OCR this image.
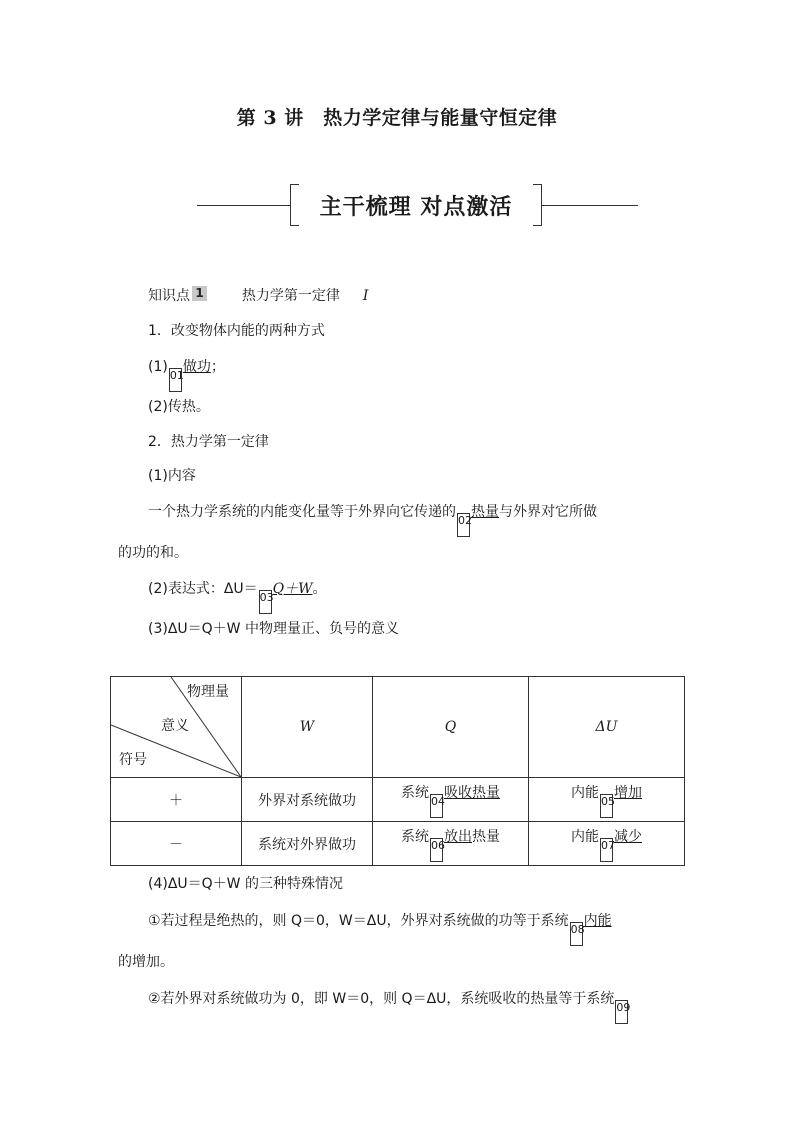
第 3 讲　热力学定律与能量守恒定律
主干梳理 对点激活
知识点 1	热力学第一定律 Ⅰ
1．改变物体内能的两种方式
(1)01做功；
(2)传热。
2．热力学第一定律
(1)内容
一个热力学系统的内能变化量等于外界向它传递的02热量与外界对它所做
的功的和。
(2)表达式：ΔU＝03Q＋W。
(3)ΔU＝Q＋W 中物理量正、负号的意义
物理量
意义
符号	W	Q	ΔU
＋	外界对系统做功	系统04吸收热量	内能05增加
－	系统对外界做功	系统06放出热量	内能07减少
(4)ΔU＝Q＋W 的三种特殊情况
①若过程是绝热的，则 Q＝0，W＝ΔU，外界对系统做的功等于系统08内能
的增加。
②若外界对系统做功为 0，即 W＝0，则 Q＝ΔU，系统吸收的热量等于系统09
